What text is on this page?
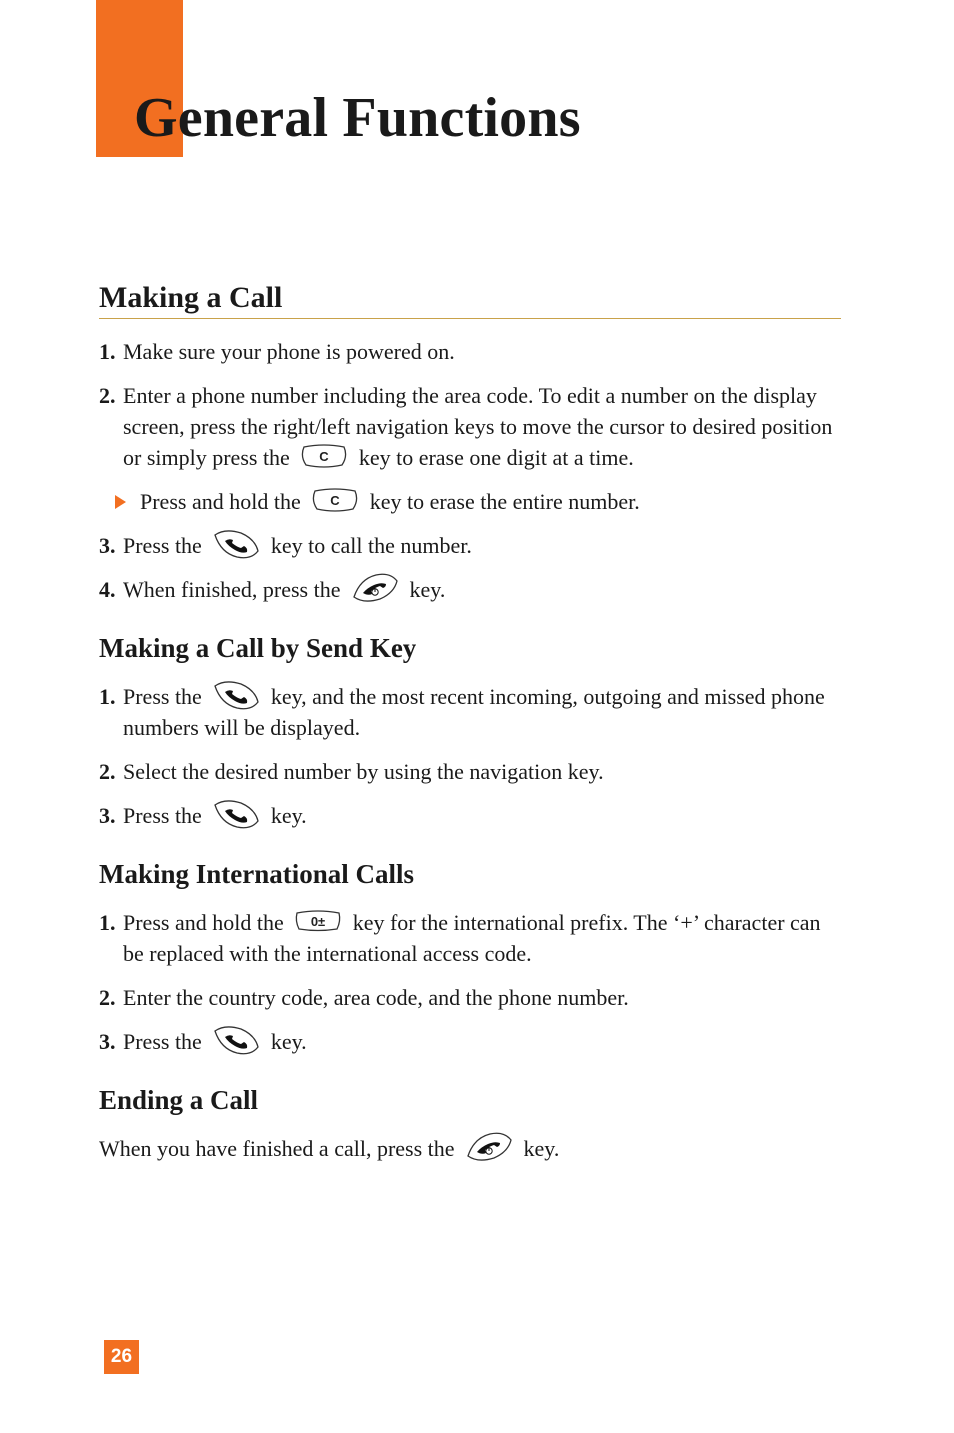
General Functions
Making a Call
1. Make sure your phone is powered on.
2. Enter a phone number including the area code. To edit a number on the display screen, press the right/left navigation keys to move the cursor to desired position or simply press the C key to erase one digit at a time.
Press and hold the C key to erase the entire number.
3. Press the	key to call the number.
4. When finished, press the	key.
Making a Call by Send Key
1. Press the	key, and the most recent incoming, outgoing and missed phone numbers will be displayed.
2. Select the desired number by using the navigation key.
3. Press the	key.
Making International Calls
1. Press and hold the 0± key for the international prefix. The ‘+’ character can be replaced with the international access code.
2. Enter the country code, area code, and the phone number.
3. Press the	key.
Ending a Call
When you have finished a call, press the	key.
26
